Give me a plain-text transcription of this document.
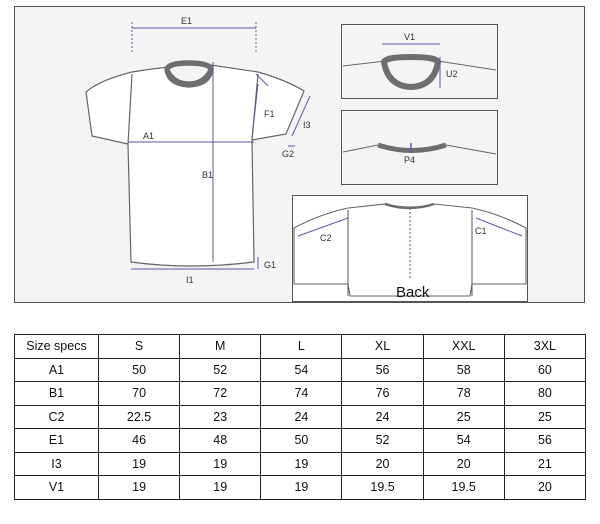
E1
A1
B1
F1
I3
G2
G1
I1
V1
U2
P4
C2
C1
Back
Size specs	S	M	L	XL	XXL	3XL
A1	50	52	54	56	58	60
B1	70	72	74	76	78	80
C2	22.5	23	24	24	25	25
E1	46	48	50	52	54	56
I3	19	19	19	20	20	21
V1	19	19	19	19.5	19.5	20
